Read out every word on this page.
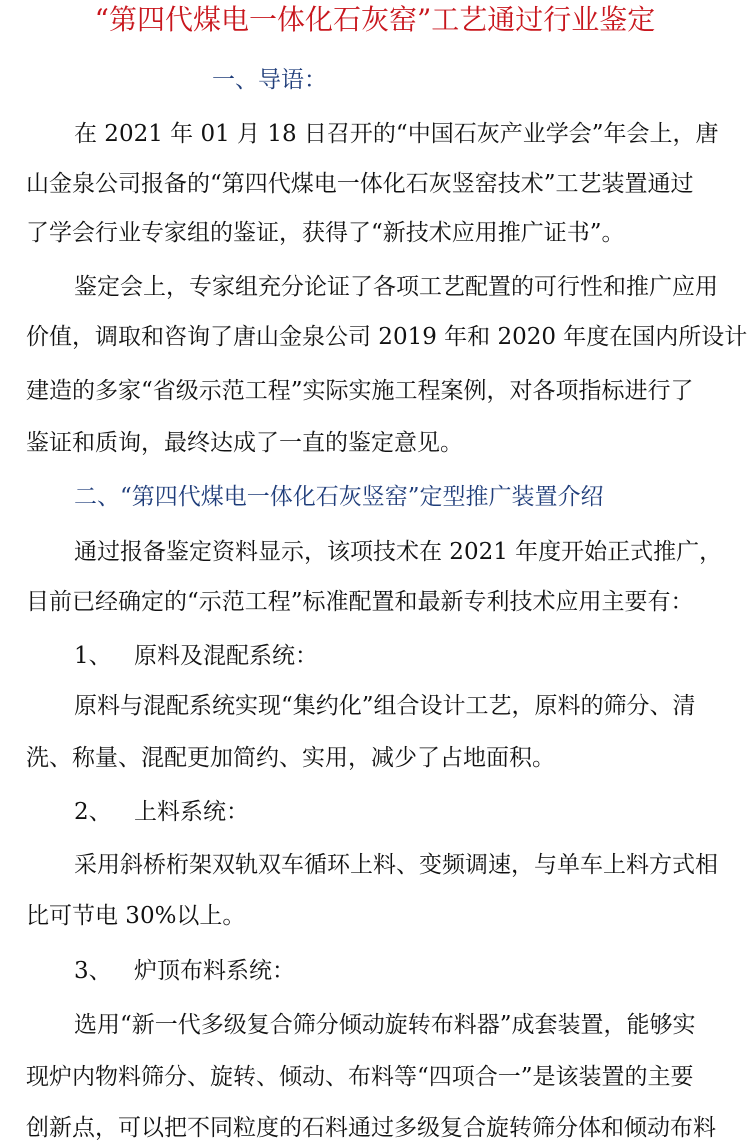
“第四代煤电一体化石灰窑”工艺通过行业鉴定
一、导语：
在 2021 年 01 月 18 日召开的“中国石灰产业学会”年会上，唐
山金泉公司报备的“第四代煤电一体化石灰竖窑技术”工艺装置通过
了学会行业专家组的鉴证，获得了“新技术应用推广证书”。
鉴定会上，专家组充分论证了各项工艺配置的可行性和推广应用
价值，调取和咨询了唐山金泉公司 2019 年和 2020 年度在国内所设计
建造的多家“省级示范工程”实际实施工程案例，对各项指标进行了
鉴证和质询，最终达成了一直的鉴定意见。
二、“第四代煤电一体化石灰竖窑”定型推广装置介绍
通过报备鉴定资料显示，该项技术在 2021 年度开始正式推广，
目前已经确定的“示范工程”标准配置和最新专利技术应用主要有：
1、 原料及混配系统：
原料与混配系统实现“集约化”组合设计工艺，原料的筛分、清
洗、称量、混配更加简约、实用，减少了占地面积。
2、 上料系统：
采用斜桥桁架双轨双车循环上料、变频调速，与单车上料方式相
比可节电 30%以上。
3、 炉顶布料系统：
选用“新一代多级复合筛分倾动旋转布料器”成套装置，能够实
现炉内物料筛分、旋转、倾动、布料等“四项合一”是该装置的主要
创新点，可以把不同粒度的石料通过多级复合旋转筛分体和倾动布料
